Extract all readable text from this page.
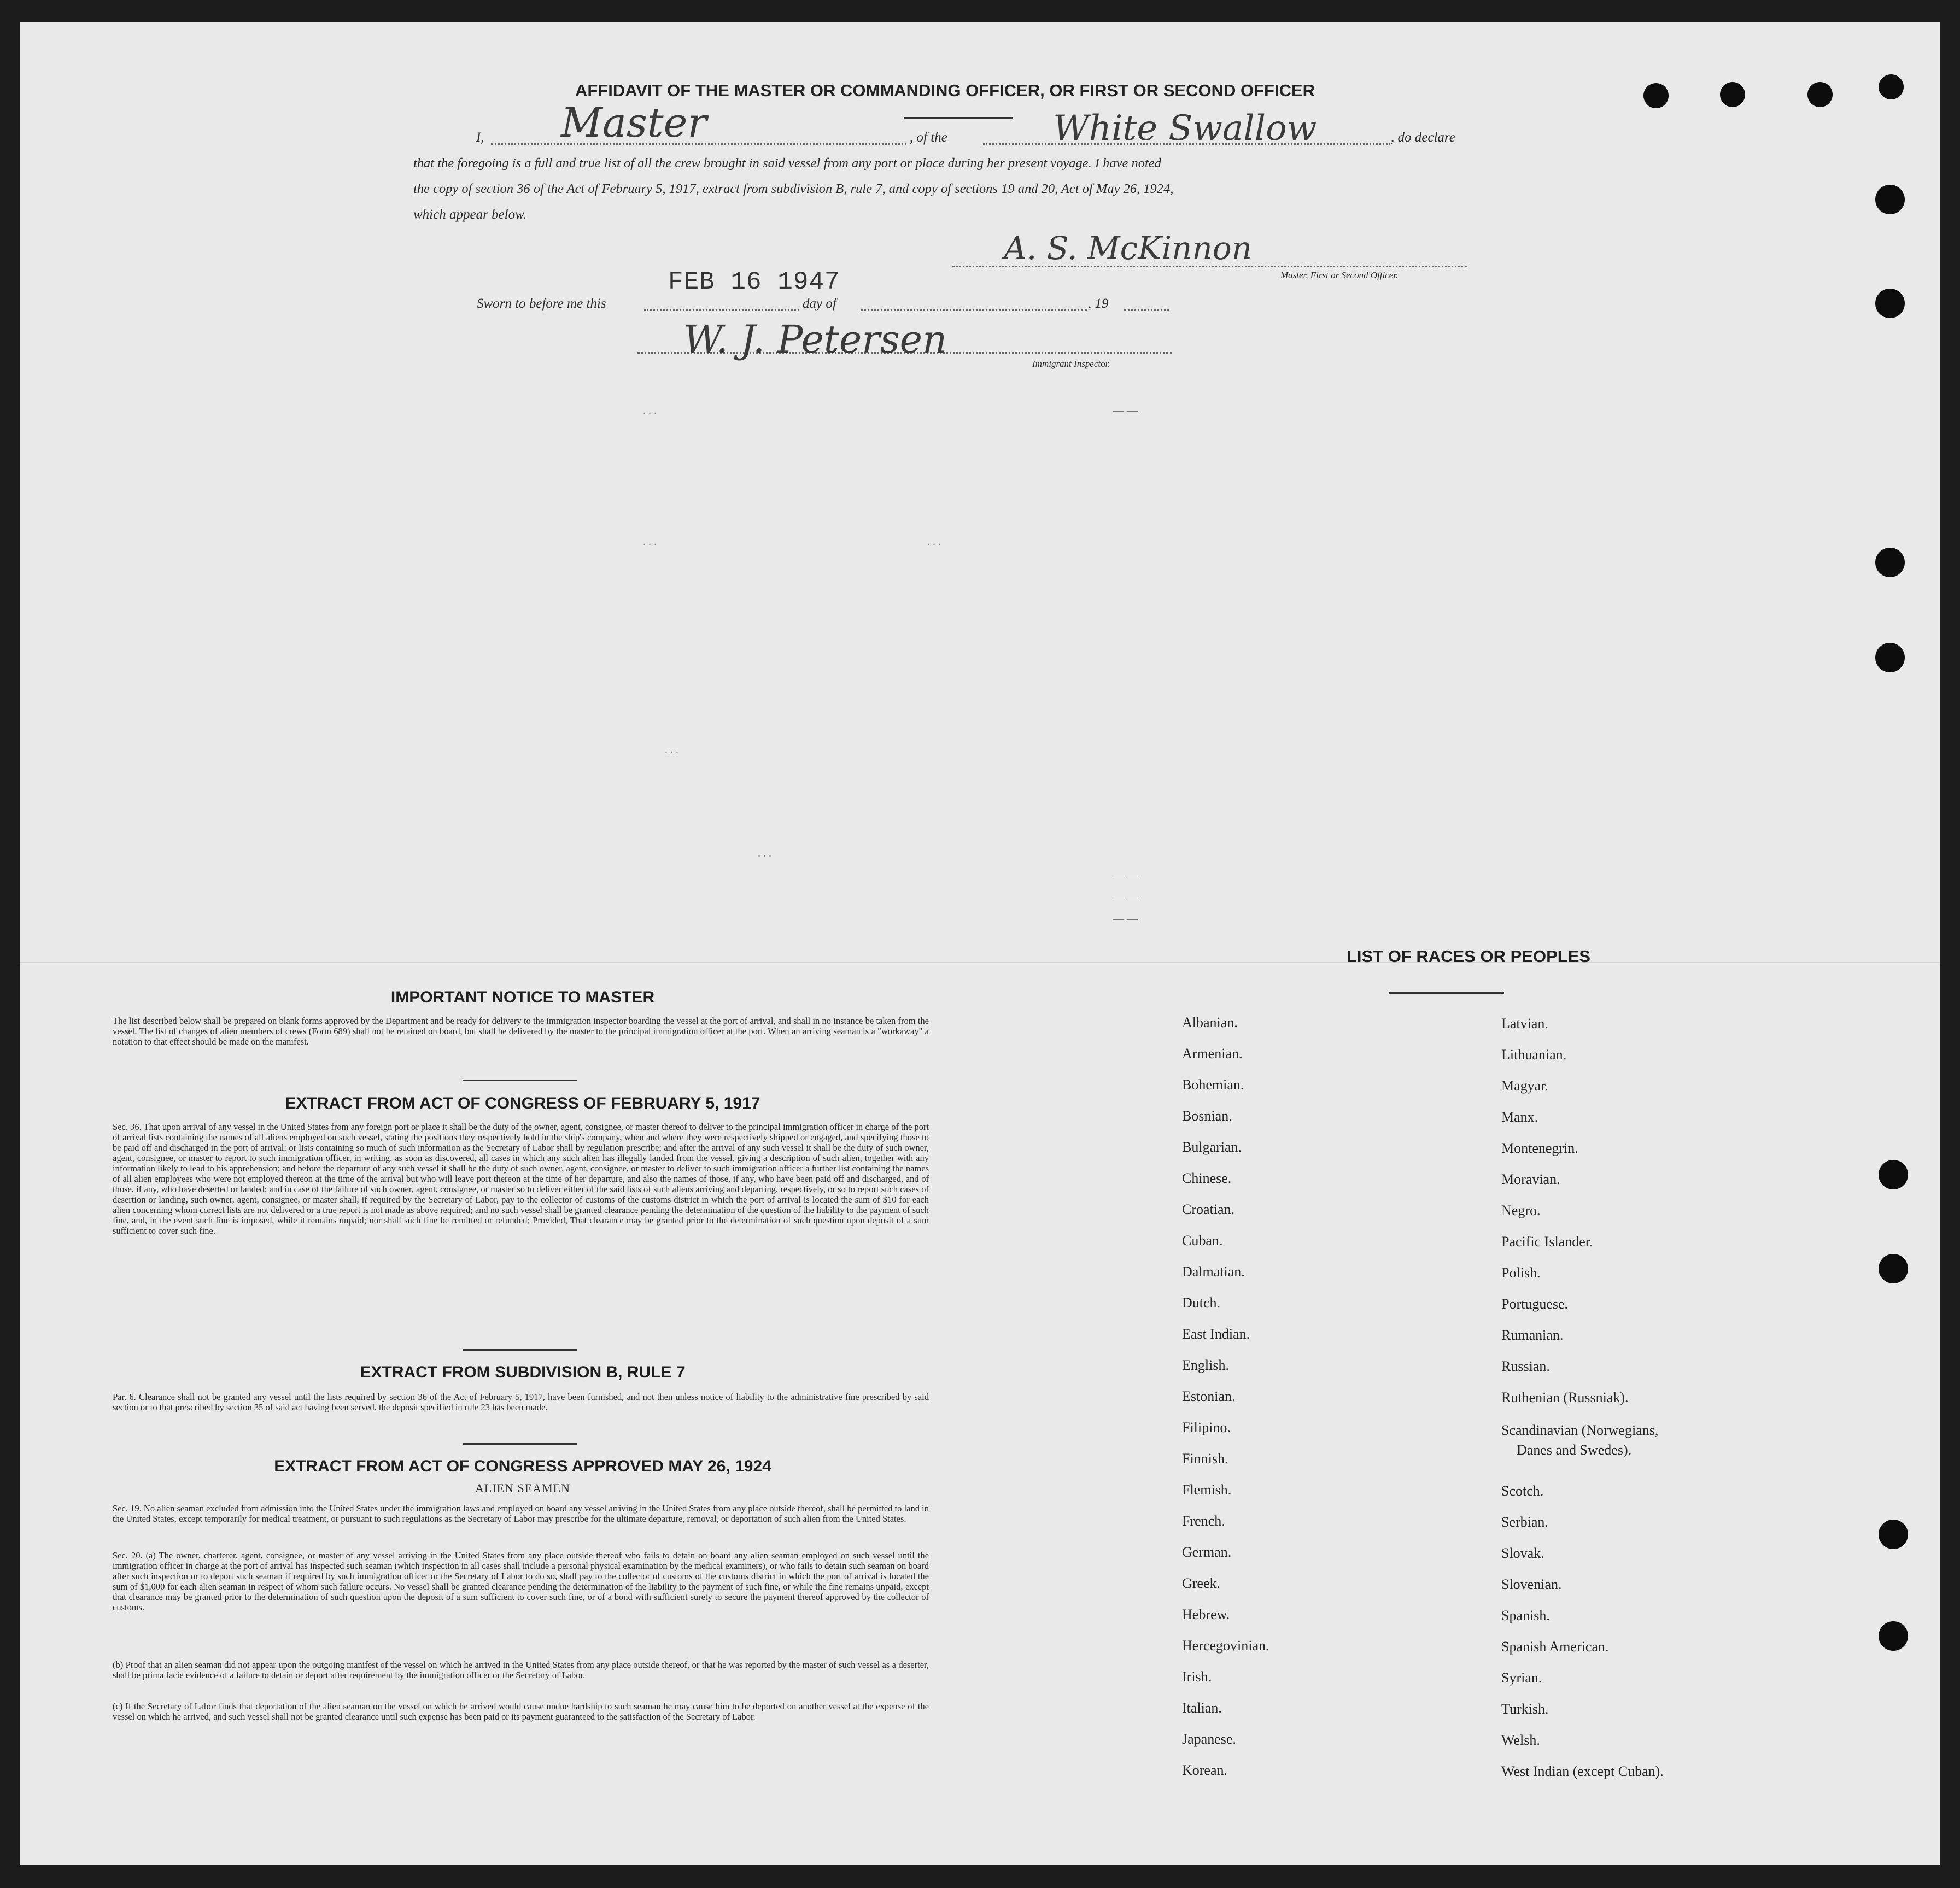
AFFIDAVIT OF THE MASTER OR COMMANDING OFFICER, OR FIRST OR SECOND OFFICER
I, Master	, of the	White Swallow	, do declare
that the foregoing is a full and true list of all the crew brought in said vessel from any port or place during her present voyage. I have noted
the copy of section 36 of the Act of February 5, 1917, extract from subdivision B, rule 7, and copy of sections 19 and 20, Act of May 26, 1924,
which appear below.
A. S. McKinnon
Master, First or Second Officer.
FEB 16 1947
Sworn to before me this	day of	, 19
W. J. Petersen
Immigrant Inspector.
. . .	— —
. . .	. . .
. . .
. . .
— —
— —
— —
IMPORTANT NOTICE TO MASTER

The list described below shall be prepared on blank forms approved by the Department and be ready for delivery to the immigration inspector boarding the vessel at the port of arrival, and shall in no instance be taken from the vessel. The list of changes of alien members of crews (Form 689) shall not be retained on board, but shall be delivered by the master to the principal immigration officer at the port. When an arriving seaman is a "workaway" a notation to that effect should be made on the manifest.

EXTRACT FROM ACT OF CONGRESS OF FEBRUARY 5, 1917

Sec. 36. That upon arrival of any vessel in the United States from any foreign port or place it shall be the duty of the owner, agent, consignee, or master thereof to deliver to the principal immigration officer in charge of the port of arrival lists containing the names of all aliens employed on such vessel, stating the positions they respectively hold in the ship's company, when and where they were respectively shipped or engaged, and specifying those to be paid off and discharged in the port of arrival; or lists containing so much of such information as the Secretary of Labor shall by regulation prescribe; and after the arrival of any such vessel it shall be the duty of such owner, agent, consignee, or master to report to such immigration officer, in writing, as soon as discovered, all cases in which any such alien has illegally landed from the vessel, giving a description of such alien, together with any information likely to lead to his apprehension; and before the departure of any such vessel it shall be the duty of such owner, agent, consignee, or master to deliver to such immigration officer a further list containing the names of all alien employees who were not employed thereon at the time of the arrival but who will leave port thereon at the time of her departure, and also the names of those, if any, who have been paid off and discharged, and of those, if any, who have deserted or landed; and in case of the failure of such owner, agent, consignee, or master so to deliver either of the said lists of such aliens arriving and departing, respectively, or so to report such cases of desertion or landing, such owner, agent, consignee, or master shall, if required by the Secretary of Labor, pay to the collector of customs of the customs district in which the port of arrival is located the sum of $10 for each alien concerning whom correct lists are not delivered or a true report is not made as above required; and no such vessel shall be granted clearance pending the determination of the question of the liability to the payment of such fine, and, in the event such fine is imposed, while it remains unpaid; nor shall such fine be remitted or refunded; Provided, That clearance may be granted prior to the determination of such question upon deposit of a sum sufficient to cover such fine.

EXTRACT FROM SUBDIVISION B, RULE 7

Par. 6. Clearance shall not be granted any vessel until the lists required by section 36 of the Act of February 5, 1917, have been furnished, and not then unless notice of liability to the administrative fine prescribed by said section or to that prescribed by section 35 of said act having been served, the deposit specified in rule 23 has been made.

EXTRACT FROM ACT OF CONGRESS APPROVED MAY 26, 1924
ALIEN SEAMEN

Sec. 19. No alien seaman excluded from admission into the United States under the immigration laws and employed on board any vessel arriving in the United States from any place outside thereof, shall be permitted to land in the United States, except temporarily for medical treatment, or pursuant to such regulations as the Secretary of Labor may prescribe for the ultimate departure, removal, or deportation of such alien from the United States.

Sec. 20. (a) The owner, charterer, agent, consignee, or master of any vessel arriving in the United States from any place outside thereof who fails to detain on board any alien seaman employed on such vessel until the immigration officer in charge at the port of arrival has inspected such seaman (which inspection in all cases shall include a personal physical examination by the medical examiners), or who fails to detain such seaman on board after such inspection or to deport such seaman if required by such immigration officer or the Secretary of Labor to do so, shall pay to the collector of customs of the customs district in which the port of arrival is located the sum of $1,000 for each alien seaman in respect of whom such failure occurs. No vessel shall be granted clearance pending the determination of the liability to the payment of such fine, or while the fine remains unpaid, except that clearance may be granted prior to the determination of such question upon the deposit of a sum sufficient to cover such fine, or of a bond with sufficient surety to secure the payment thereof approved by the collector of customs.

(b) Proof that an alien seaman did not appear upon the outgoing manifest of the vessel on which he arrived in the United States from any place outside thereof, or that he was reported by the master of such vessel as a deserter, shall be prima facie evidence of a failure to detain or deport after requirement by the immigration officer or the Secretary of Labor.

(c) If the Secretary of Labor finds that deportation of the alien seaman on the vessel on which he arrived would cause undue hardship to such seaman he may cause him to be deported on another vessel at the expense of the vessel on which he arrived, and such vessel shall not be granted clearance until such expense has been paid or its payment guaranteed to the satisfaction of the Secretary of Labor.

LIST OF RACES OR PEOPLES
Albanian.
Armenian.
Bohemian.
Bosnian.
Bulgarian.
Chinese.
Croatian.
Cuban.
Dalmatian.
Dutch.
East Indian.
English.
Estonian.
Filipino.
Finnish.
Flemish.
French.
German.
Greek.
Hebrew.
Hercegovinian.
Irish.
Italian.
Japanese.
Korean.
Latvian.
Lithuanian.
Magyar.
Manx.
Montenegrin.
Moravian.
Negro.
Pacific Islander.
Polish.
Portuguese.
Rumanian.
Russian.
Ruthenian (Russniak).
Scandinavian (Norwegians,
Danes and Swedes).
Scotch.
Serbian.
Slovak.
Slovenian.
Spanish.
Spanish American.
Syrian.
Turkish.
Welsh.
West Indian (except Cuban).
